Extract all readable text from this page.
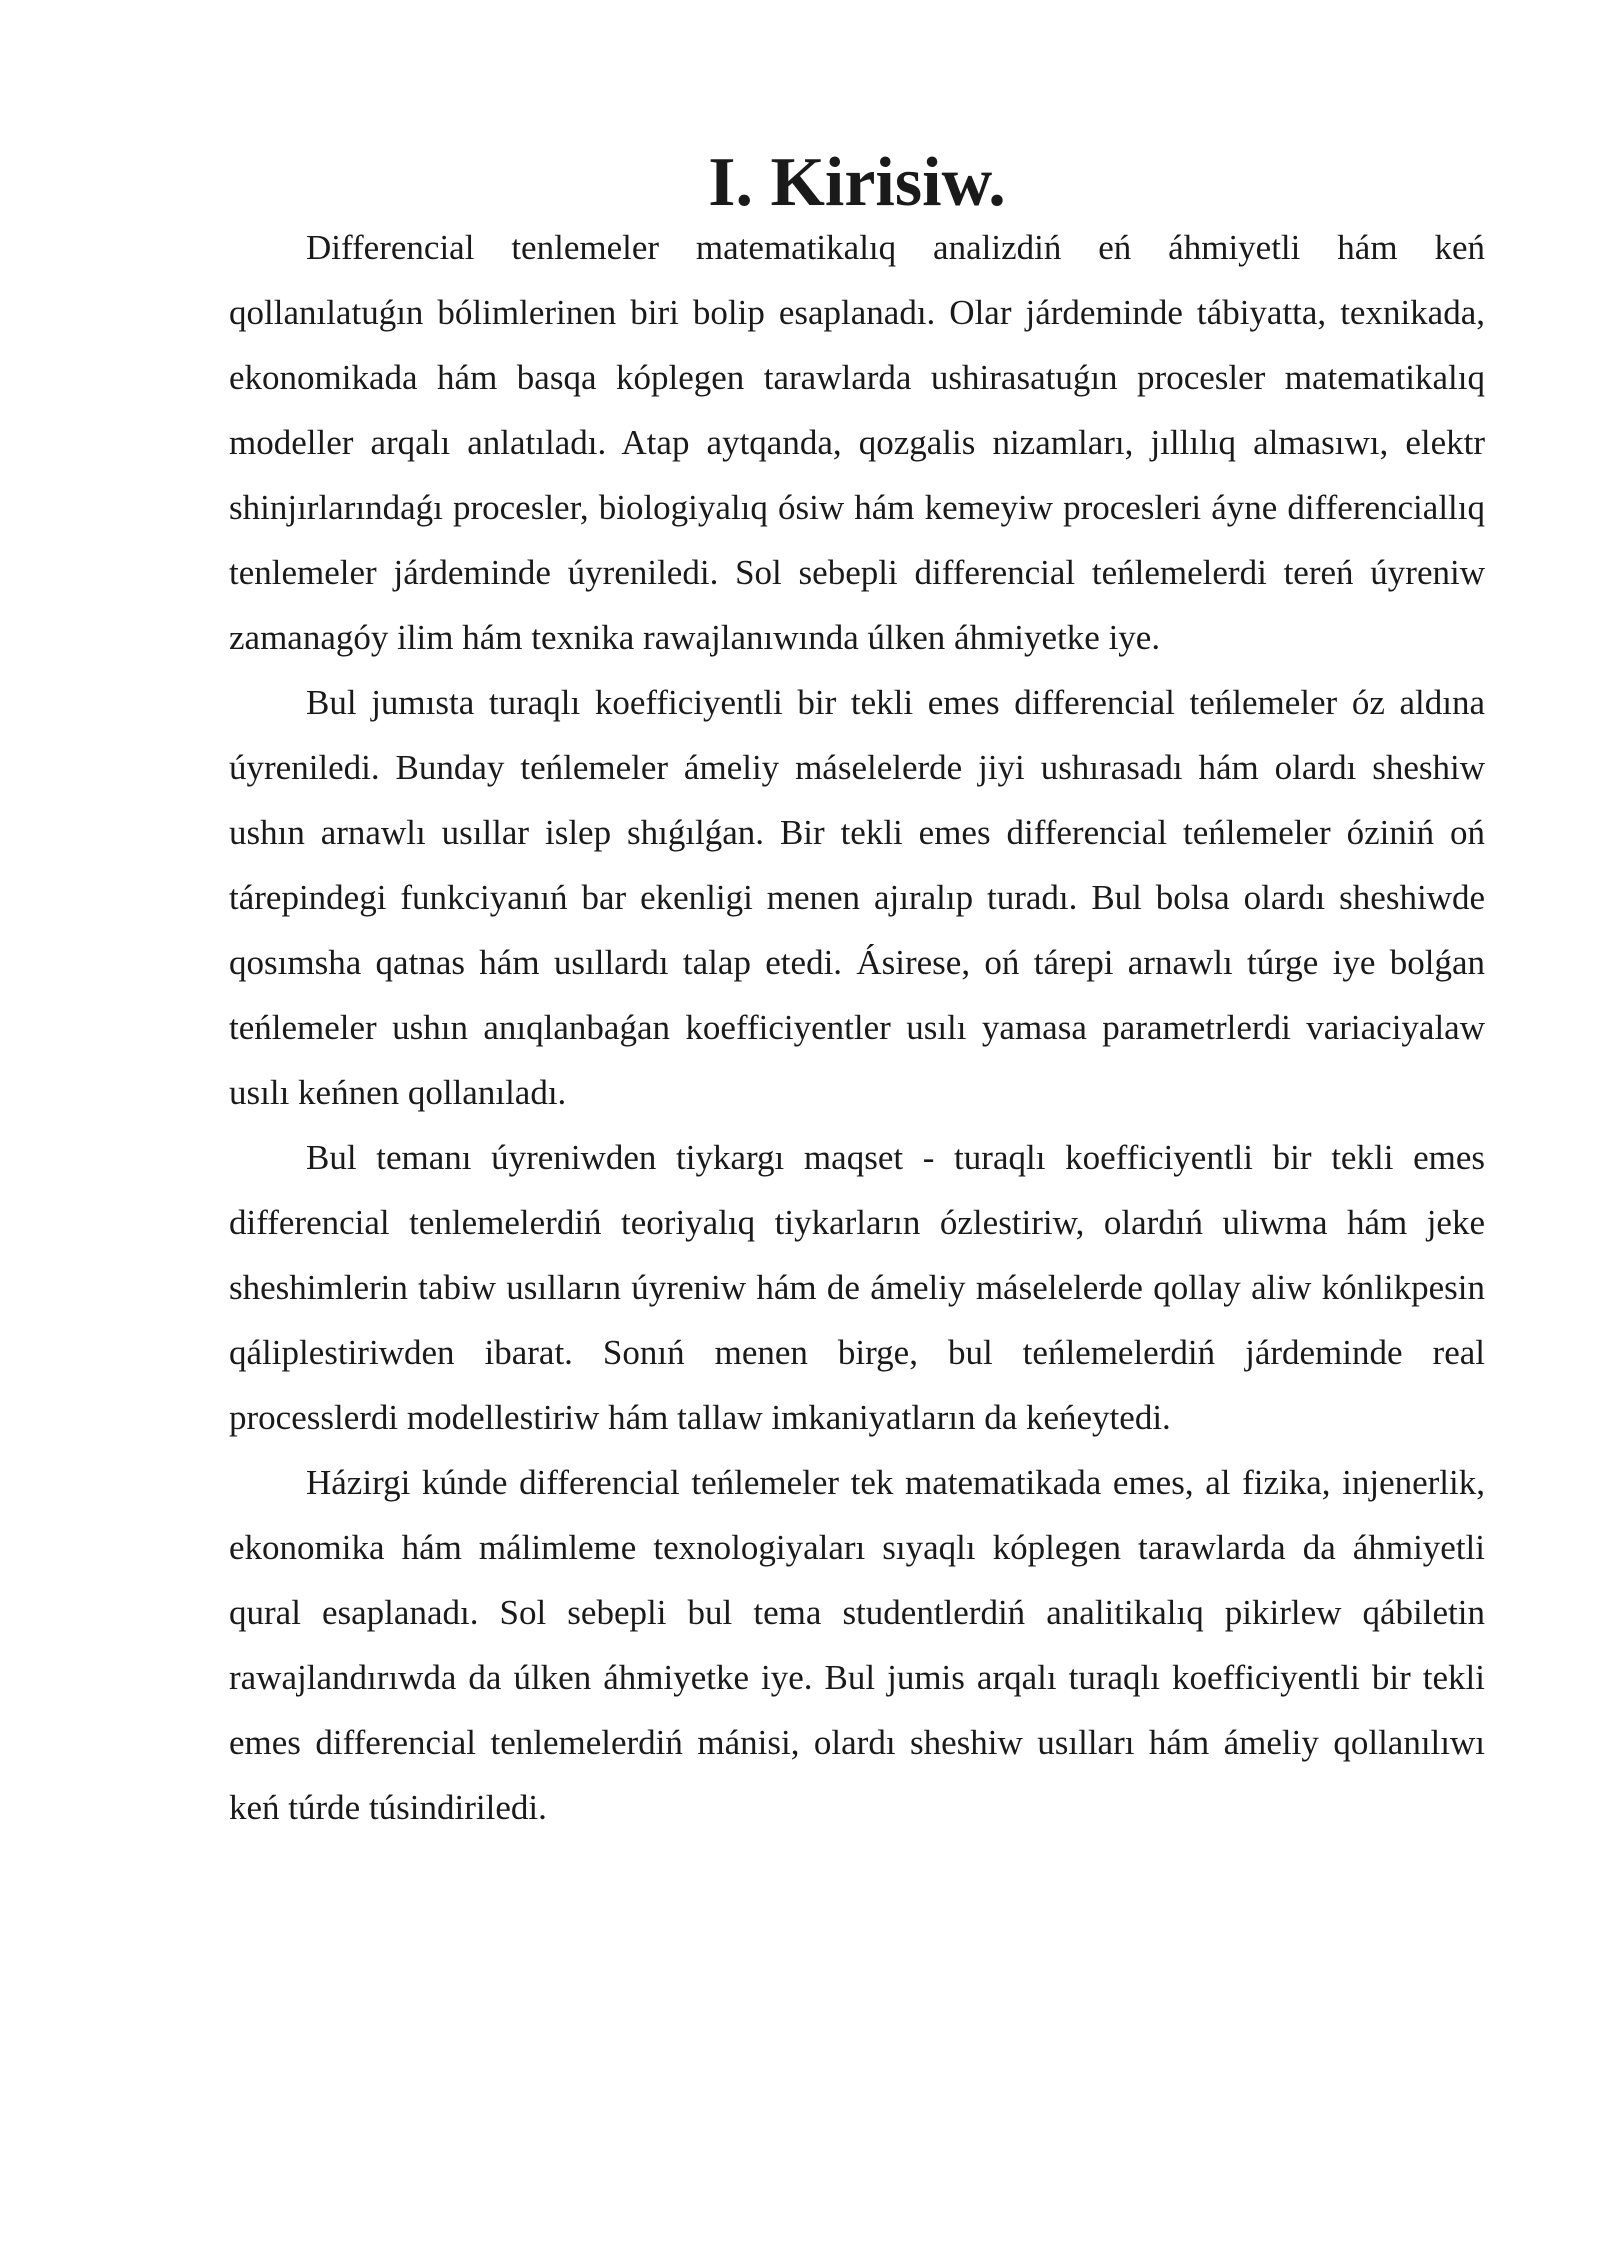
I. Kirisiw.

Differencial tenlemeler matematikalıq analizdiń eń áhmiyetli hám keń qollanılatuǵın bólimlerinen biri bolip esaplanadı. Olar járdeminde tábiyatta, texnikada, ekonomikada hám basqa kóplegen tarawlarda ushirasatuǵın procesler matematikalıq modeller arqalı anlatıladı. Atap aytqanda, qozgalis nizamları, jıllılıq almasıwı, elektr shinjırlarındaǵı procesler, biologiyalıq ósiw hám kemeyiw procesleri áyne differenciallıq tenlemeler járdeminde úyreniledi. Sol sebepli differencial teńlemelerdi tereń úyreniw zamanagóy ilim hám texnika rawajlanıwında úlken áhmiyetke iye.

Bul jumısta turaqlı koefficiyentli bir tekli emes differencial teńlemeler óz aldına úyreniledi. Bunday teńlemeler ámeliy máselelerde jiyi ushırasadı hám olardı sheshiw ushın arnawlı usıllar islep shıǵılǵan. Bir tekli emes differencial teńlemeler óziniń oń tárepindegi funkciyanıń bar ekenligi menen ajıralıp turadı. Bul bolsa olardı sheshiwde qosımsha qatnas hám usıllardı talap etedi. Ásirese, oń tárepi arnawlı túrge iye bolǵan teńlemeler ushın anıqlanbaǵan koefficiyentler usılı yamasa parametrlerdi variaciyalaw usılı keńnen qollanıladı.

Bul temanı úyreniwden tiykargı maqset - turaqlı koefficiyentli bir tekli emes differencial tenlemelerdiń teoriyalıq tiykarların ózlestiriw, olardıń uliwma hám jeke sheshimlerin tabiw usılların úyreniw hám de ámeliy máselelerde qollay aliw kónlikpesin qáliplestiriwden ibarat. Sonıń menen birge, bul teńlemelerdiń járdeminde real processlerdi modellestiriw hám tallaw imkaniyatların da keńeytedi.

Házirgi kúnde differencial teńlemeler tek matematikada emes, al fizika, injenerlik, ekonomika hám málimleme texnologiyaları sıyaqlı kóplegen tarawlarda da áhmiyetli qural esaplanadı. Sol sebepli bul tema studentlerdiń analitikalıq pikirlew qábiletin rawajlandırıwda da úlken áhmiyetke iye. Bul jumis arqalı turaqlı koefficiyentli bir tekli emes differencial tenlemelerdiń mánisi, olardı sheshiw usılları hám ámeliy qollanılıwı keń túrde túsindiriledi.
